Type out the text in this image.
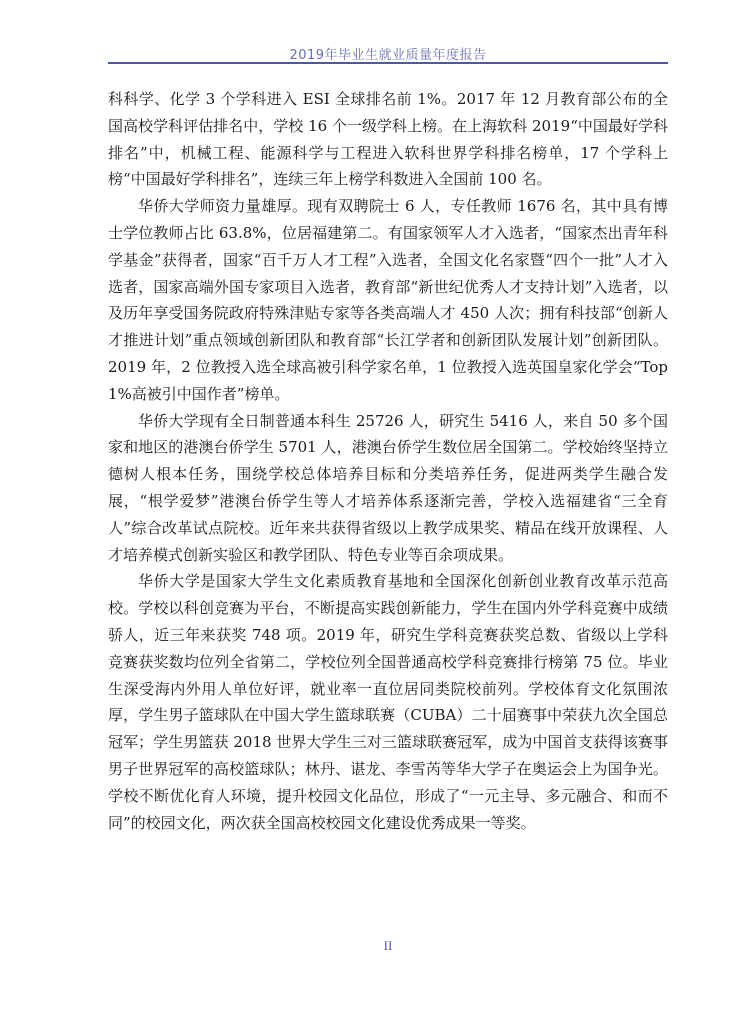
2019年毕业生就业质量年度报告

科科学、化学 3 个学科进入 ESI 全球排名前 1%。2017 年 12 月教育部公布的全国高校学科评估排名中，学校 16 个一级学科上榜。在上海软科 2019“中国最好学科排名”中，机械工程、能源科学与工程进入软科世界学科排名榜单，17 个学科上榜“中国最好学科排名”，连续三年上榜学科数进入全国前 100 名。

华侨大学师资力量雄厚。现有双聘院士 6 人，专任教师 1676 名，其中具有博士学位教师占比 63.8%，位居福建第二。有国家领军人才入选者，“国家杰出青年科学基金”获得者，国家“百千万人才工程”入选者，全国文化名家暨“四个一批”人才入选者，国家高端外国专家项目入选者，教育部“新世纪优秀人才支持计划”入选者，以及历年享受国务院政府特殊津贴专家等各类高端人才 450 人次；拥有科技部“创新人才推进计划”重点领域创新团队和教育部“长江学者和创新团队发展计划”创新团队。2019 年，2 位教授入选全球高被引科学家名单，1 位教授入选英国皇家化学会“Top 1%高被引中国作者”榜单。

华侨大学现有全日制普通本科生 25726 人，研究生 5416 人，来自 50 多个国家和地区的港澳台侨学生 5701 人，港澳台侨学生数位居全国第二。学校始终坚持立德树人根本任务，围绕学校总体培养目标和分类培养任务，促进两类学生融合发展，“根学爱梦”港澳台侨学生等人才培养体系逐渐完善，学校入选福建省“三全育人”综合改革试点院校。近年来共获得省级以上教学成果奖、精品在线开放课程、人才培养模式创新实验区和教学团队、特色专业等百余项成果。

华侨大学是国家大学生文化素质教育基地和全国深化创新创业教育改革示范高校。学校以科创竞赛为平台，不断提高实践创新能力，学生在国内外学科竞赛中成绩骄人，近三年来获奖 748 项。2019 年，研究生学科竞赛获奖总数、省级以上学科竞赛获奖数均位列全省第二，学校位列全国普通高校学科竞赛排行榜第 75 位。毕业生深受海内外用人单位好评，就业率一直位居同类院校前列。学校体育文化氛围浓厚，学生男子篮球队在中国大学生篮球联赛（CUBA）二十届赛事中荣获九次全国总冠军；学生男篮获 2018 世界大学生三对三篮球联赛冠军，成为中国首支获得该赛事男子世界冠军的高校篮球队；林丹、谌龙、李雪芮等华大学子在奥运会上为国争光。学校不断优化育人环境，提升校园文化品位，形成了“一元主导、多元融合、和而不同”的校园文化，两次获全国高校校园文化建设优秀成果一等奖。

II
